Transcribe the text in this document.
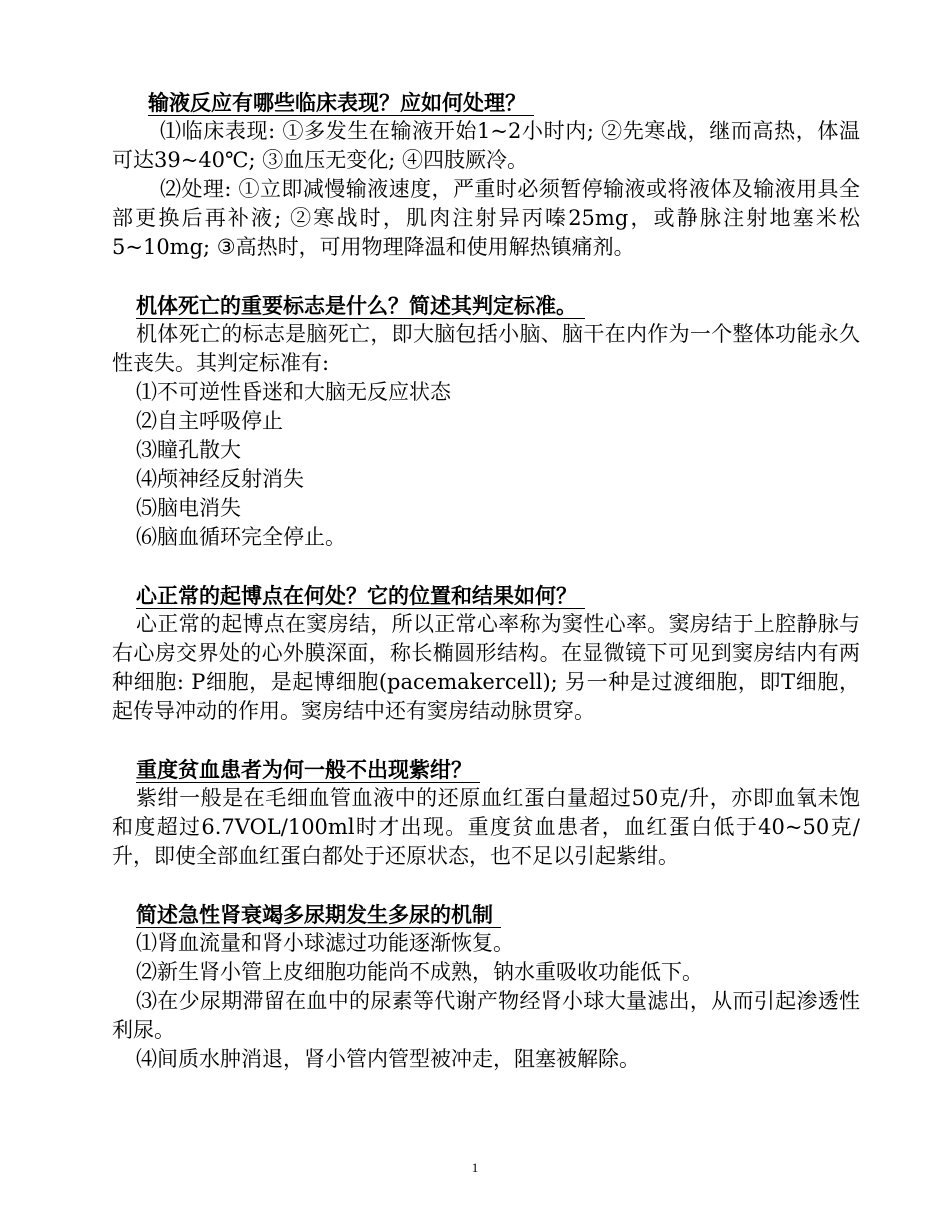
输液反应有哪些临床表现？应如何处理？

⑴临床表现: ①多发生在输液开始1~2小时内; ②先寒战，继而高热，体温可达39~40℃; ③血压无变化; ④四肢厥冷。

⑵处理: ①立即减慢输液速度，严重时必须暂停输液或将液体及输液用具全部更换后再补液; ②寒战时，肌肉注射异丙嗪25mg，或静脉注射地塞米松5~10mg; ③高热时，可用物理降温和使用解热镇痛剂。

机体死亡的重要标志是什么？简述其判定标准。

机体死亡的标志是脑死亡，即大脑包括小脑、脑干在内作为一个整体功能永久性丧失。其判定标准有:

⑴不可逆性昏迷和大脑无反应状态

⑵自主呼吸停止

⑶瞳孔散大

⑷颅神经反射消失

⑸脑电消失

⑹脑血循环完全停止。

心正常的起博点在何处？它的位置和结果如何？

心正常的起博点在窦房结，所以正常心率称为窦性心率。窦房结于上腔静脉与右心房交界处的心外膜深面，称长椭圆形结构。在显微镜下可见到窦房结内有两种细胞: P细胞，是起博细胞(pacemakercell); 另一种是过渡细胞，即T细胞，起传导冲动的作用。窦房结中还有窦房结动脉贯穿。

重度贫血患者为何一般不出现紫绀？

紫绀一般是在毛细血管血液中的还原血红蛋白量超过50克/升，亦即血氧未饱和度超过6.7VOL/100ml时才出现。重度贫血患者，血红蛋白低于40~50克/升，即使全部血红蛋白都处于还原状态，也不足以引起紫绀。

简述急性肾衰竭多尿期发生多尿的机制

⑴肾血流量和肾小球滤过功能逐渐恢复。

⑵新生肾小管上皮细胞功能尚不成熟，钠水重吸收功能低下。

⑶在少尿期滞留在血中的尿素等代谢产物经肾小球大量滤出，从而引起渗透性利尿。

⑷间质水肿消退，肾小管内管型被冲走，阻塞被解除。

1
